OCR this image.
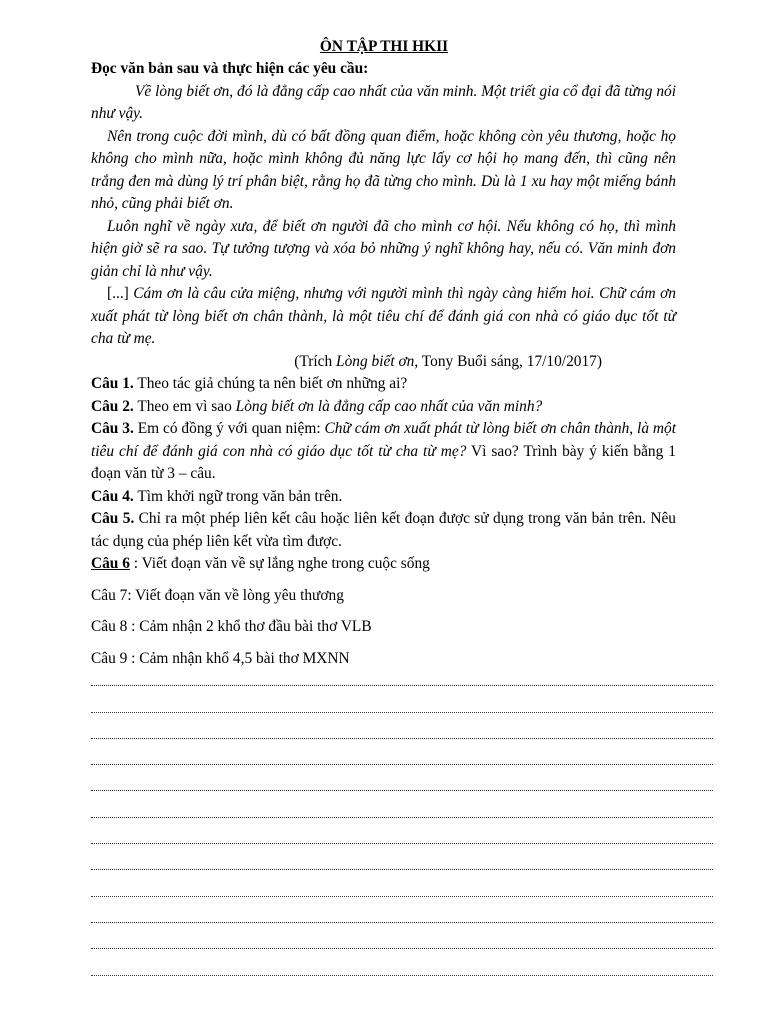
ÔN TẬP THI HKII

Đọc văn bản sau và thực hiện các yêu cầu:

Về lòng biết ơn, đó là đẳng cấp cao nhất của văn minh. Một triết gia cổ đại đã từng nói như vậy.

Nên trong cuộc đời mình, dù có bất đồng quan điểm, hoặc không còn yêu thương, hoặc họ không cho mình nữa, hoặc mình không đủ năng lực lấy cơ hội họ mang đến, thì cũng nên trắng đen mà dùng lý trí phân biệt, rằng họ đã từng cho mình. Dù là 1 xu hay một miếng bánh nhỏ, cũng phải biết ơn.

Luôn nghĩ về ngày xưa, để biết ơn người đã cho mình cơ hội. Nếu không có họ, thì mình hiện giờ sẽ ra sao. Tự tưởng tượng và xóa bỏ những ý nghĩ không hay, nếu có. Văn minh đơn giản chỉ là như vậy.

[...] Cám ơn là câu cửa miệng, nhưng với người mình thì ngày càng hiếm hoi. Chữ cám ơn xuất phát từ lòng biết ơn chân thành, là một tiêu chí để đánh giá con nhà có giáo dục tốt từ cha từ mẹ.

(Trích Lòng biết ơn, Tony Buổi sáng, 17/10/2017)

Câu 1. Theo tác giả chúng ta nên biết ơn những ai?

Câu 2. Theo em vì sao Lòng biết ơn là đẳng cấp cao nhất của văn minh?

Câu 3. Em có đồng ý với quan niệm: Chữ cám ơn xuất phát từ lòng biết ơn chân thành, là một tiêu chí để đánh giá con nhà có giáo dục tốt từ cha từ mẹ? Vì sao? Trình bày ý kiến bằng 1 đoạn văn từ 3 – câu.

Câu 4. Tìm khởi ngữ trong văn bản trên.

Câu 5. Chỉ ra một phép liên kết câu hoặc liên kết đoạn được sử dụng trong văn bản trên. Nêu tác dụng của phép liên kết vừa tìm được.

Câu 6 : Viết đoạn văn về sự lắng nghe trong cuộc sống

Câu 7: Viết đoạn văn về lòng yêu thương

Câu 8 : Cảm nhận 2 khổ thơ đầu bài thơ VLB

Câu 9 : Cảm nhận khổ 4,5 bài thơ MXNN
